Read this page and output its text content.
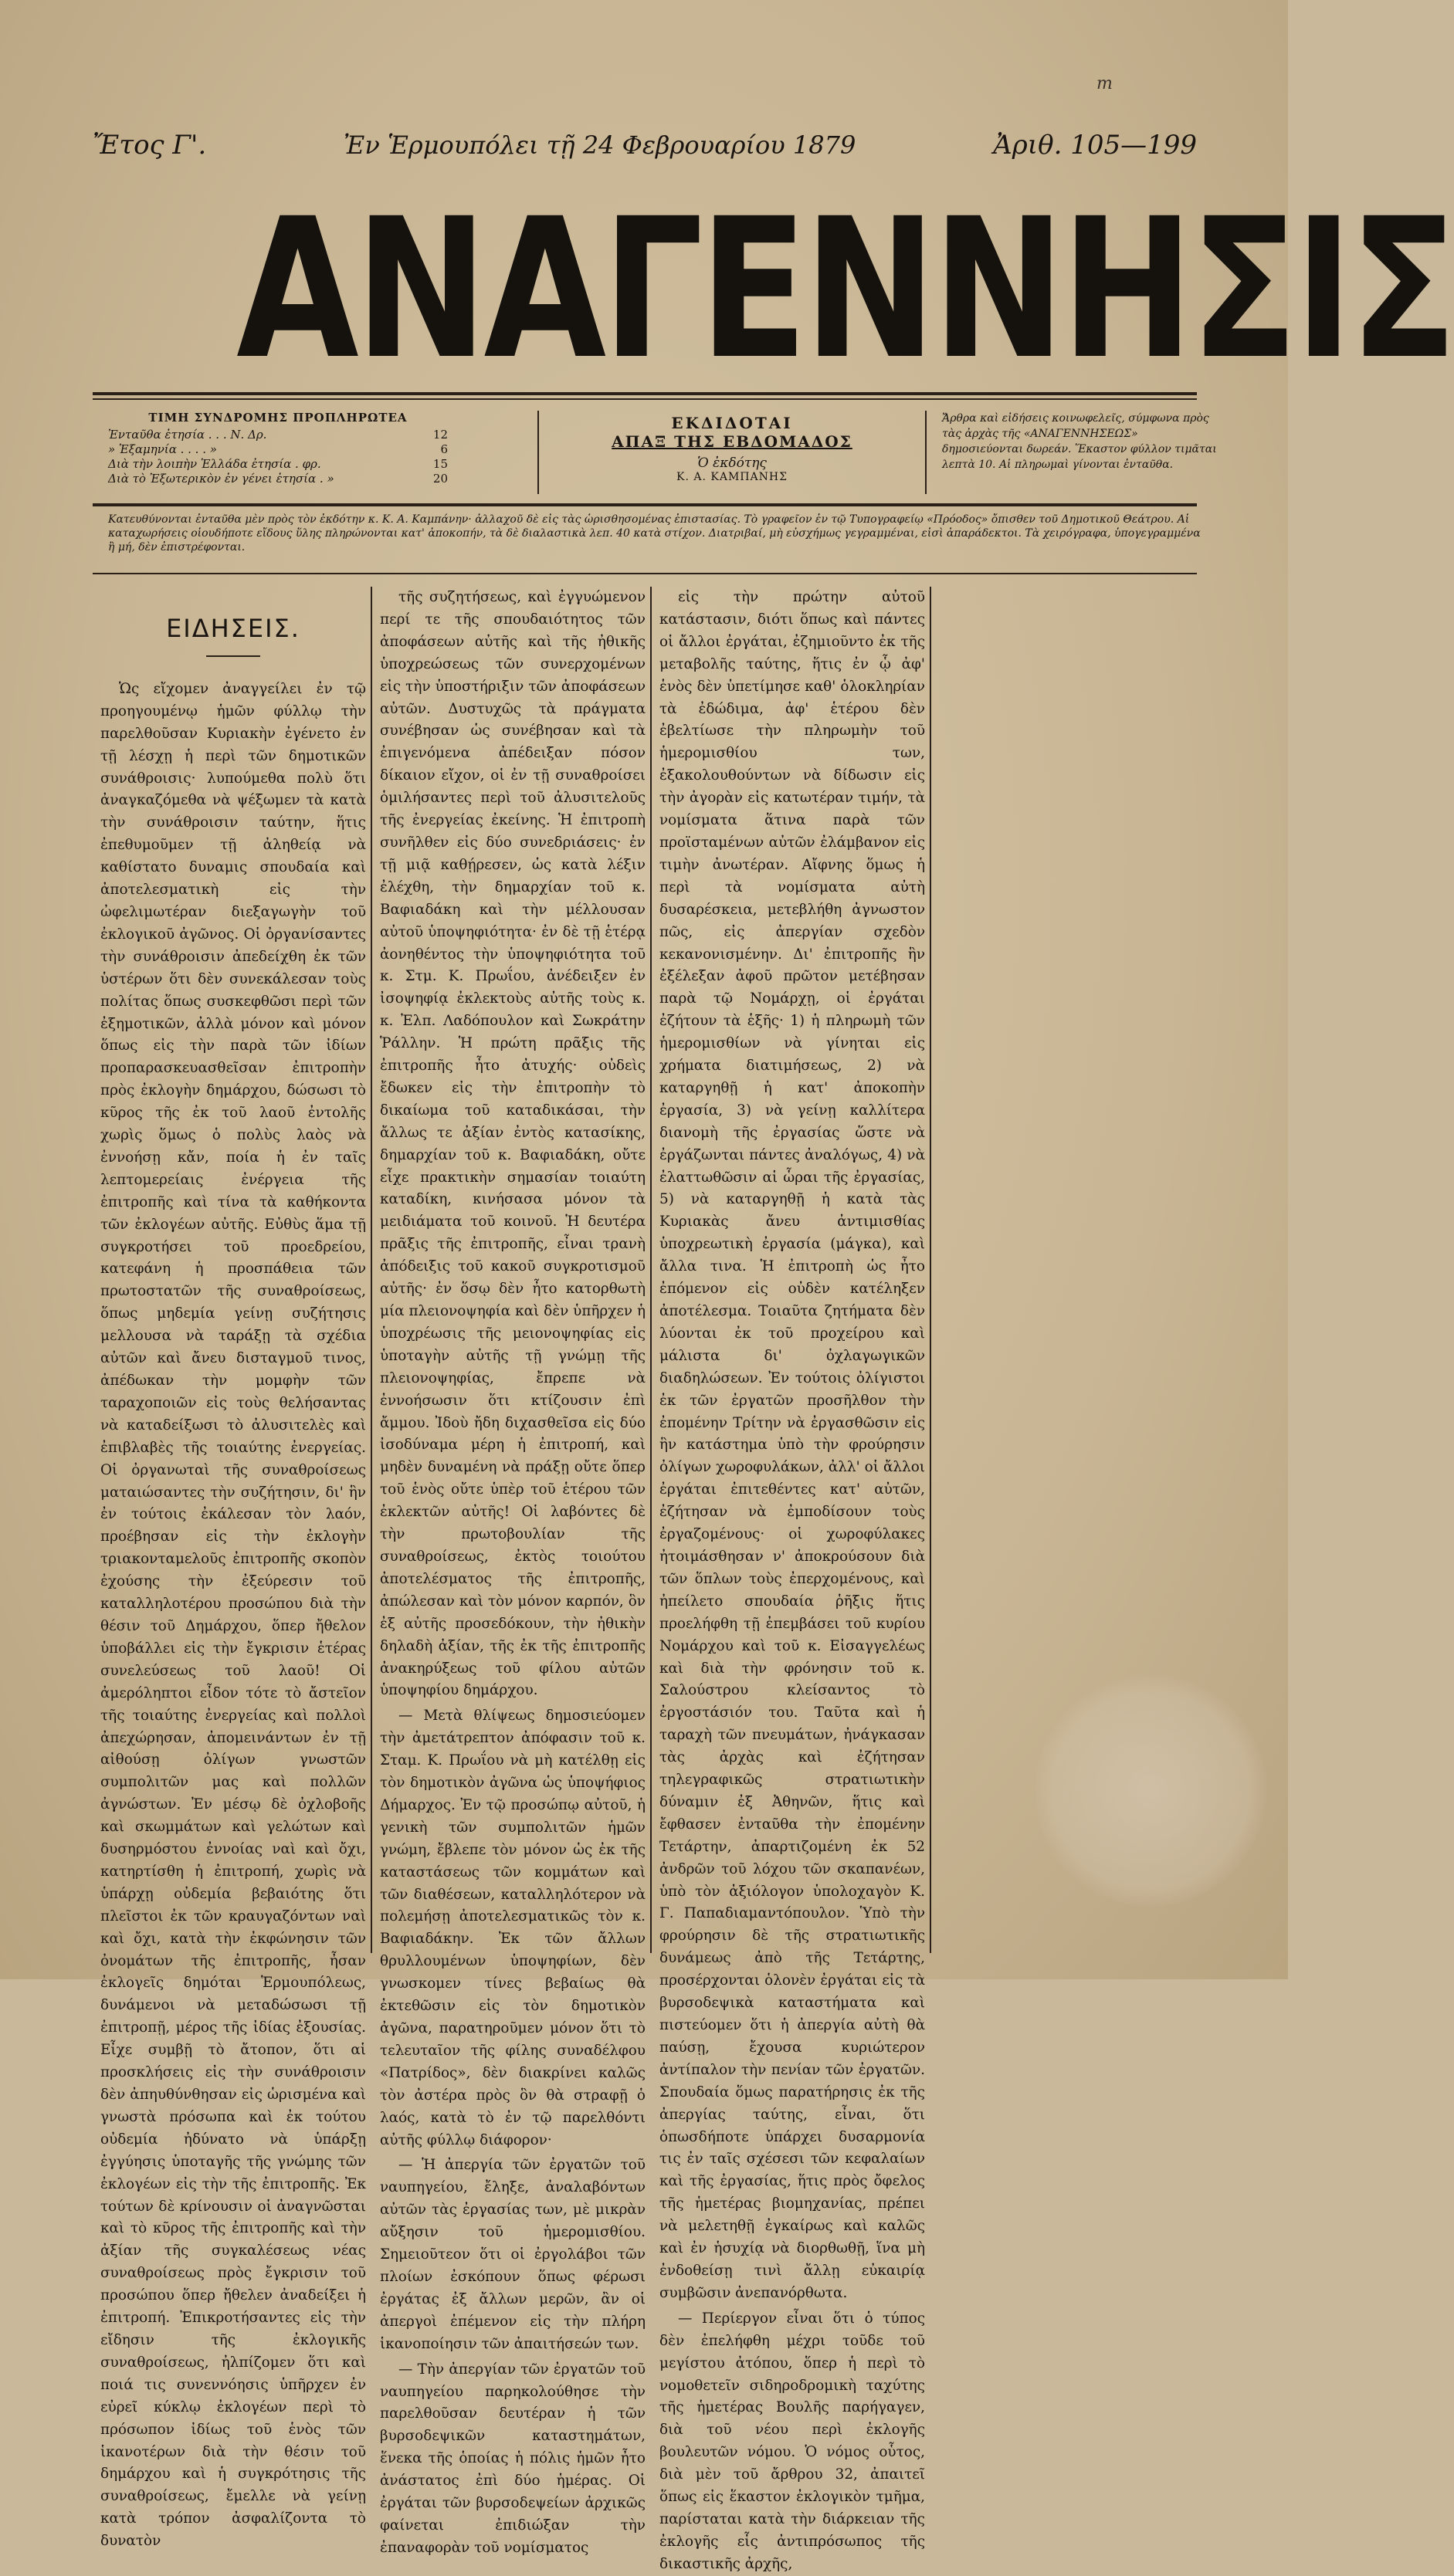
m
Ἔτος Γ'.	Ἐν Ἑρμουπόλει τῇ 24 Φεβρουαρίου 1879	Ἀριθ. 105—199
ΑΝΑΓΕΝΝΗΣΙΣ
ΤΙΜΗ ΣΥΝΔΡΟΜΗΣ ΠΡΟΠΛΗΡΩΤΕΑ
Ἐνταῦθα ἐτησία . . . Ν. Δρ.	12
» Ἑξαμηνία . . . . »	6
Διὰ τὴν λοιπὴν Ἑλλάδα ἐτησία . φρ.	15
Διὰ τὸ Ἐξωτερικὸν ἐν γένει ἐτησία . »	20
ΕΚΔΙΔΟΤΑΙ
ΑΠΑΞ ΤΗΣ ΕΒΔΟΜΑΔΟΣ
Ὁ ἐκδότης
Κ. Α. ΚΑΜΠΑΝΗΣ
Ἄρθρα καὶ εἰδήσεις κοινωφελεῖς, σύμφωνα πρὸς τὰς ἀρχὰς τῆς «ΑΝΑΓΕΝΝΗΣΕΩΣ» δημοσιεύονται δωρεάν. Ἕκαστον φύλλον τιμᾶται λεπτὰ 10. Αἱ πληρωμαὶ γίνονται ἐνταῦθα.
Κατευθύνονται ἐνταῦθα μὲν πρὸς τὸν ἐκδότην κ. Κ. Α. Καμπάνην· ἀλλαχοῦ δὲ εἰς τὰς ὡρισθησομένας ἐπιστασίας. Τὸ γραφεῖον ἐν τῷ Τυπογραφείῳ «Πρόοδος» ὄπισθεν τοῦ Δημοτικοῦ Θεάτρου. Αἱ καταχωρήσεις οἱουδήποτε εἴδους ὕλης πληρώνονται κατ' ἀποκοπήν, τὰ δὲ διαλαστικὰ λεπ. 40 κατὰ στίχον. Διατριβαί, μὴ εὐσχήμως γεγραμμέναι, εἰσὶ ἀπαράδεκτοι. Τὰ χειρόγραφα, ὑπογεγραμμένα ἢ μή, δὲν ἐπιστρέφονται.
ΕΙΔΗΣΕΙΣ.

Ὡς εἴχομεν ἀναγγείλει ἐν τῷ προηγουμένῳ ἡμῶν φύλλῳ τὴν παρελθοῦσαν Κυριακὴν ἐγένετο ἐν τῇ λέσχῃ ἡ περὶ τῶν δημοτικῶν συνάθροισις· λυπούμεθα πολὺ ὅτι ἀναγκαζόμεθα νὰ ψέξωμεν τὰ κατὰ τὴν συνάθροισιν ταύτην, ἥτις ἐπεθυμοῦμεν τῇ ἀληθείᾳ νὰ καθίστατο δυναμις σπουδαία καὶ ἀποτελεσματικὴ εἰς τὴν ὠφελιμωτέραν διεξαγωγὴν τοῦ ἐκλογικοῦ ἀγῶνος. Οἱ ὀργανίσαντες τὴν συνάθροισιν ἀπεδείχθη ἐκ τῶν ὑστέρων ὅτι δὲν συνεκάλεσαν τοὺς πολίτας ὅπως συσκεφθῶσι περὶ τῶν ἐξημοτικῶν, ἀλλὰ μόνον καὶ μόνον ὅπως εἰς τὴν παρὰ τῶν ἰδίων προπαρασκευασθεῖσαν ἐπιτροπὴν πρὸς ἐκλογὴν δημάρχου, δώσωσι τὸ κῦρος τῆς ἐκ τοῦ λαοῦ ἐντολῆς χωρὶς ὅμως ὁ πολὺς λαὸς νὰ ἐννοήσῃ κἄν, ποία ἡ ἐν ταῖς λεπτομερείαις ἐνέργεια τῆς ἐπιτροπῆς καὶ τίνα τὰ καθήκοντα τῶν ἐκλογέων αὐτῆς. Εὐθὺς ἅμα τῇ συγκροτήσει τοῦ προεδρείου, κατεφάνη ἡ προσπάθεια τῶν πρωτοστατῶν τῆς συναθροίσεως, ὅπως μηδεμία γείνῃ συζήτησις μελλουσα νὰ ταράξῃ τὰ σχέδια αὐτῶν καὶ ἄνευ δισταγμοῦ τινος, ἀπέδωκαν τὴν μομφὴν τῶν ταραχοποιῶν εἰς τοὺς θελήσαντας νὰ καταδείξωσι τὸ ἀλυσιτελὲς καὶ ἐπιβλαβὲς τῆς τοιαύτης ἐνεργείας. Οἱ ὀργανωταὶ τῆς συναθροίσεως ματαιώσαντες τὴν συζήτησιν, δι' ἣν ἐν τούτοις ἐκάλεσαν τὸν λαόν, προέβησαν εἰς τὴν ἐκλογὴν τριακονταμελοῦς ἐπιτροπῆς σκοπὸν ἐχούσης τὴν ἐξεύρεσιν τοῦ καταλληλοτέρου προσώπου διὰ τὴν θέσιν τοῦ Δημάρχου, ὅπερ ἤθελον ὑποβάλλει εἰς τὴν ἔγκρισιν ἑτέρας συνελεύσεως τοῦ λαοῦ! Οἱ ἀμερόληπτοι εἶδον τότε τὸ ἄστεῖον τῆς τοιαύτης ἐνεργείας καὶ πολλοὶ ἀπεχώρησαν, ἀπομεινάντων ἐν τῇ αἰθούσῃ ὀλίγων γνωστῶν συμπολιτῶν μας καὶ πολλῶν ἀγνώστων. Ἐν μέσῳ δὲ ὀχλοβοῆς καὶ σκωμμάτων καὶ γελώτων καὶ δυσηρμόστου ἐννοίας ναὶ καὶ ὄχι, κατηρτίσθη ἡ ἐπιτροπή, χωρὶς νὰ ὑπάρχῃ οὐδεμία βεβαιότης ὅτι πλεῖστοι ἐκ τῶν κραυγαζόντων ναὶ καὶ ὄχι, κατὰ τὴν ἐκφώνησιν τῶν ὀνομάτων τῆς ἐπιτροπῆς, ἦσαν ἐκλογεῖς δημόται Ἑρμουπόλεως, δυνάμενοι νὰ μεταδώσωσι τῇ ἐπιτροπῇ, μέρος τῆς ἰδίας ἐξουσίας. Εἶχε συμβῇ τὸ ἄτοπον, ὅτι αἱ προσκλήσεις εἰς τὴν συνάθροισιν δὲν ἀπηυθύνθησαν εἰς ὡρισμένα καὶ γνωστὰ πρόσωπα καὶ ἐκ τούτου οὐδεμία ἠδύνατο νὰ ὑπάρξῃ ἐγγύησις ὑποταγῆς τῆς γνώμης τῶν ἐκλογέων εἰς τὴν τῆς ἐπιτροπῆς. Ἐκ τούτων δὲ κρίνουσιν οἱ ἀναγνῶσται καὶ τὸ κῦρος τῆς ἐπιτροπῆς καὶ τὴν ἀξίαν τῆς συγκαλέσεως νέας συναθροίσεως πρὸς ἔγκρισιν τοῦ προσώπου ὅπερ ἤθελεν ἀναδείξει ἡ ἐπιτροπή. Ἐπικροτήσαντες εἰς τὴν εἴδησιν τῆς ἐκλογικῆς συναθροίσεως, ἠλπίζομεν ὅτι καὶ ποιά τις συνεννόησις ὑπῆρχεν ἐν εὐρεῖ κύκλῳ ἐκλογέων περὶ τὸ πρόσωπον ἰδίως τοῦ ἑνὸς τῶν ἱκανοτέρων διὰ τὴν θέσιν τοῦ δημάρχου καὶ ἡ συγκρότησις τῆς συναθροίσεως, ἔμελλε νὰ γείνῃ κατὰ τρόπον ἀσφαλίζοντα τὸ δυνατὸν

τῆς συζητήσεως, καὶ ἐγγυώμενον περί τε τῆς σπουδαιότητος τῶν ἀποφάσεων αὐτῆς καὶ τῆς ἠθικῆς ὑποχρεώσεως τῶν συνερχομένων εἰς τὴν ὑποστήριξιν τῶν ἀποφάσεων αὐτῶν. Δυστυχῶς τὰ πράγματα συνέβησαν ὡς συνέβησαν καὶ τὰ ἐπιγενόμενα ἀπέδειξαν πόσον δίκαιον εἴχον, οἱ ἐν τῇ συναθροίσει ὁμιλήσαντες περὶ τοῦ ἀλυσιτελοῦς τῆς ἐνεργείας ἐκείνης. Ἡ ἐπιτροπὴ συνῆλθεν εἰς δύο συνεδριάσεις· ἐν τῇ μιᾷ καθῄρεσεν, ὡς κατὰ λέξιν ἐλέχθη, τὴν δημαρχίαν τοῦ κ. Βαφιαδάκη καὶ τὴν μέλλουσαν αὐτοῦ ὑποψηφιότητα· ἐν δὲ τῇ ἑτέρᾳ ἀονηθέντος τὴν ὑποψηφιότητα τοῦ κ. Στμ. Κ. Πρωΐου, ἀνέδειξεν ἐν ἰσοψηφίᾳ ἐκλεκτοὺς αὐτῆς τοὺς κ. κ. Ἐλπ. Λαδόπουλον καὶ Σωκράτην Ῥάλλην. Ἡ πρώτη πρᾶξις τῆς ἐπιτροπῆς ἦτο ἀτυχής· οὐδεὶς ἔδωκεν εἰς τὴν ἐπιτροπὴν τὸ δικαίωμα τοῦ καταδικάσαι, τὴν ἄλλως τε ἀξίαν ἐντὸς κατασίκης, δημαρχίαν τοῦ κ. Βαφιαδάκη, οὔτε εἶχε πρακτικὴν σημασίαν τοιαύτη καταδίκη, κινήσασα μόνον τὰ μειδιάματα τοῦ κοινοῦ. Ἡ δευτέρα πρᾶξις τῆς ἐπιτροπῆς, εἶναι τρανὴ ἀπόδειξις τοῦ κακοῦ συγκροτισμοῦ αὐτῆς· ἐν ὅσῳ δὲν ἦτο κατορθωτὴ μία πλειονοψηφία καὶ δὲν ὑπῆρχεν ἡ ὑποχρέωσις τῆς μειονοψηφίας εἰς ὑποταγὴν αὐτῆς τῇ γνώμῃ τῆς πλειονοψηφίας, ἔπρεπε νὰ ἐννοήσωσιν ὅτι κτίζουσιν ἐπὶ ἄμμου. Ἰδοὺ ἤδη διχασθεῖσα εἰς δύο ἰσοδύναμα μέρη ἡ ἐπιτροπή, καὶ μηδὲν δυναμένη νὰ πράξῃ οὔτε ὅπερ τοῦ ἑνὸς οὔτε ὑπὲρ τοῦ ἑτέρου τῶν ἐκλεκτῶν αὐτῆς! Οἱ λαβόντες δὲ τὴν πρωτοβουλίαν τῆς συναθροίσεως, ἐκτὸς τοιούτου ἀποτελέσματος τῆς ἐπιτροπῆς, ἀπώλεσαν καὶ τὸν μόνον καρπόν, ὃν ἐξ αὐτῆς προσεδόκουν, τὴν ἠθικὴν δηλαδὴ ἀξίαν, τῆς ἐκ τῆς ἐπιτροπῆς ἀνακηρύξεως τοῦ φίλου αὐτῶν ὑποψηφίου δημάρχου.

— Μετὰ θλίψεως δημοσιεύομεν τὴν ἀμετάτρεπτον ἀπόφασιν τοῦ κ. Σταμ. Κ. Πρωΐου νὰ μὴ κατέλθῃ εἰς τὸν δημοτικὸν ἀγῶνα ὡς ὑποψήφιος Δήμαρχος. Ἐν τῷ προσώπῳ αὐτοῦ, ἡ γενικὴ τῶν συμπολιτῶν ἡμῶν γνώμη, ἔβλεπε τὸν μόνον ὡς ἐκ τῆς καταστάσεως τῶν κομμάτων καὶ τῶν διαθέσεων, καταλληλότερον νὰ πολεμήσῃ ἀποτελεσματικῶς τὸν κ. Βαφιαδάκην. Ἐκ τῶν ἄλλων θρυλλουμένων ὑποψηφίων, δὲν γνωσκομεν τίνες βεβαίως θὰ ἐκτεθῶσιν εἰς τὸν δημοτικὸν ἀγῶνα, παρατηροῦμεν μόνον ὅτι τὸ τελευταῖον τῆς φίλης συναδέλφου «Πατρίδος», δὲν διακρίνει καλῶς τὸν ἀστέρα πρὸς ὃν θὰ στραφῇ ὁ λαός, κατὰ τὸ ἐν τῷ παρελθόντι αὐτῆς φύλλῳ διάφορον·

— Ἡ ἀπεργία τῶν ἐργατῶν τοῦ ναυπηγείου, ἔληξε, ἀναλαβόντων αὐτῶν τὰς ἐργασίας των, μὲ μικρὰν αὔξησιν τοῦ ἡμερομισθίου. Σημειοῦτεον ὅτι οἱ ἐργολάβοι τῶν πλοίων ἐσκόπουν ὅπως φέρωσι ἐργάτας ἐξ ἄλλων μερῶν, ἂν οἱ ἀπεργοὶ ἐπέμενον εἰς τὴν πλήρη ἱκανοποίησιν τῶν ἀπαιτήσεών των.

— Τὴν ἀπεργίαν τῶν ἐργατῶν τοῦ ναυπηγείου παρηκολούθησε τὴν παρελθοῦσαν δευτέραν ἡ τῶν βυρσοδεψικῶν καταστημάτων, ἕνεκα τῆς ὁποίας ἡ πόλις ἡμῶν ἦτο ἀνάστατος ἐπὶ δύο ἡμέρας. Οἱ ἐργάται τῶν βυρσοδεψείων ἀρχικῶς φαίνεται ἐπιδιώξαν τὴν ἐπαναφορὰν τοῦ νομίσματος

εἰς τὴν πρώτην αὐτοῦ κατάστασιν, διότι ὅπως καὶ πάντες οἱ ἄλλοι ἐργάται, ἐζημιοῦντο ἐκ τῆς μεταβολῆς ταύτης, ἥτις ἐν ᾧ ἀφ' ἑνὸς δὲν ὑπετίμησε καθ' ὁλοκληρίαν τὰ ἐδώδιμα, ἀφ' ἑτέρου δὲν ἐβελτίωσε τὴν πληρωμὴν τοῦ ἡμερομισθίου των, ἐξακολουθούντων νὰ δίδωσιν εἰς τὴν ἀγορὰν εἰς κατωτέραν τιμήν, τὰ νομίσματα ἅτινα παρὰ τῶν προϊσταμένων αὐτῶν ἐλάμβανον εἰς τιμὴν ἀνωτέραν. Αἴφνης ὅμως ἡ περὶ τὰ νομίσματα αὐτὴ δυσαρέσκεια, μετεβλήθη ἀγνωστον πῶς, εἰς ἀπεργίαν σχεδὸν κεκανονισμένην. Δι' ἐπιτροπῆς ἣν ἐξέλεξαν ἀφοῦ πρῶτον μετέβησαν παρὰ τῷ Νομάρχῃ, οἱ ἐργάται ἐζήτουν τὰ ἑξῆς· 1) ἡ πληρωμὴ τῶν ἡμερομισθίων νὰ γίνηται εἰς χρήματα διατιμήσεως, 2) νὰ καταργηθῇ ἡ κατ' ἀποκοπὴν ἐργασία, 3) νὰ γείνῃ καλλίτερα διανομὴ τῆς ἐργασίας ὥστε νὰ ἐργάζωνται πάντες ἀναλόγως, 4) νὰ ἐλαττωθῶσιν αἱ ὧραι τῆς ἐργασίας, 5) νὰ καταργηθῇ ἡ κατὰ τὰς Κυριακὰς ἄνευ ἀντιμισθίας ὑποχρεωτικὴ ἐργασία (μάγκα), καὶ ἄλλα τινα. Ἡ ἐπιτροπὴ ὡς ἦτο ἐπόμενον εἰς οὐδὲν κατέληξεν ἀποτέλεσμα. Τοιαῦτα ζητήματα δὲν λύονται ἐκ τοῦ προχείρου καὶ μάλιστα δι' ὀχλαγωγικῶν διαδηλώσεων. Ἐν τούτοις ὀλίγιστοι ἐκ τῶν ἐργατῶν προσῆλθον τὴν ἐπομένην Τρίτην νὰ ἐργασθῶσιν εἰς ἣν κατάστημα ὑπὸ τὴν φρούρησιν ὀλίγων χωροφυλάκων, ἀλλ' οἱ ἄλλοι ἐργάται ἐπιτεθέντες κατ' αὐτῶν, ἐζήτησαν νὰ ἐμποδίσουν τοὺς ἐργαζομένους· οἱ χωροφύλακες ἠτοιμάσθησαν ν' ἀποκρούσουν διὰ τῶν ὅπλων τοὺς ἐπερχομένους, καὶ ἠπείλετο σπουδαία ῥῆξις ἥτις προελήφθη τῇ ἐπεμβάσει τοῦ κυρίου Νομάρχου καὶ τοῦ κ. Εἰσαγγελέως καὶ διὰ τὴν φρόνησιν τοῦ κ. Σαλούστρου κλείσαντος τὸ ἐργοστάσιόν του. Ταῦτα καὶ ἡ ταραχὴ τῶν πνευμάτων, ἠνάγκασαν τὰς ἀρχὰς καὶ ἐζήτησαν τηλεγραφικῶς στρατιωτικὴν δύναμιν ἐξ Ἀθηνῶν, ἥτις καὶ ἔφθασεν ἐνταῦθα τὴν ἐπομένην Τετάρτην, ἀπαρτιζομένη ἐκ 52 ἀνδρῶν τοῦ λόχου τῶν σκαπανέων, ὑπὸ τὸν ἀξιόλογον ὑπολοχαγὸν Κ. Γ. Παπαδιαμαντόπουλον. Ὑπὸ τὴν φρούρησιν δὲ τῆς στρατιωτικῆς δυνάμεως ἀπὸ τῆς Τετάρτης, προσέρχονται ὁλονὲν ἐργάται εἰς τὰ βυρσοδεψικὰ καταστήματα καὶ πιστεύομεν ὅτι ἡ ἀπεργία αὐτὴ θὰ παύσῃ, ἔχουσα κυριώτερον ἀντίπαλον τὴν πενίαν τῶν ἐργατῶν. Σπουδαία ὅμως παρατήρησις ἐκ τῆς ἀπεργίας ταύτης, εἶναι, ὅτι ὁπωσδήποτε ὑπάρχει δυσαρμονία τις ἐν ταῖς σχέσεσι τῶν κεφαλαίων καὶ τῆς ἐργασίας, ἥτις πρὸς ὄφελος τῆς ἡμετέρας βιομηχανίας, πρέπει νὰ μελετηθῇ ἐγκαίρως καὶ καλῶς καὶ ἐν ἡσυχίᾳ νὰ διορθωθῇ, ἵνα μὴ ἐνδοθείσῃ τινὶ ἄλλῃ εὐκαιρίᾳ συμβῶσιν ἀνεπανόρθωτα.

— Περίεργον εἶναι ὅτι ὁ τύπος δὲν ἐπελήφθη μέχρι τοῦδε τοῦ μεγίστου ἀτόπου, ὅπερ ἡ περὶ τὸ νομοθετεῖν σιδηροδρομικὴ ταχύτης τῆς ἡμετέρας Βουλῆς παρήγαγεν, διὰ τοῦ νέου περὶ ἐκλογῆς βουλευτῶν νόμου. Ὁ νόμος οὗτος, διὰ μὲν τοῦ ἄρθρου 32, ἀπαιτεῖ ὅπως εἰς ἕκαστον ἐκλογικὸν τμῆμα, παρίσταται κατὰ τὴν διάρκειαν τῆς ἐκλογῆς εἷς ἀντιπρόσωπος τῆς δικαστικῆς ἀρχῆς,
